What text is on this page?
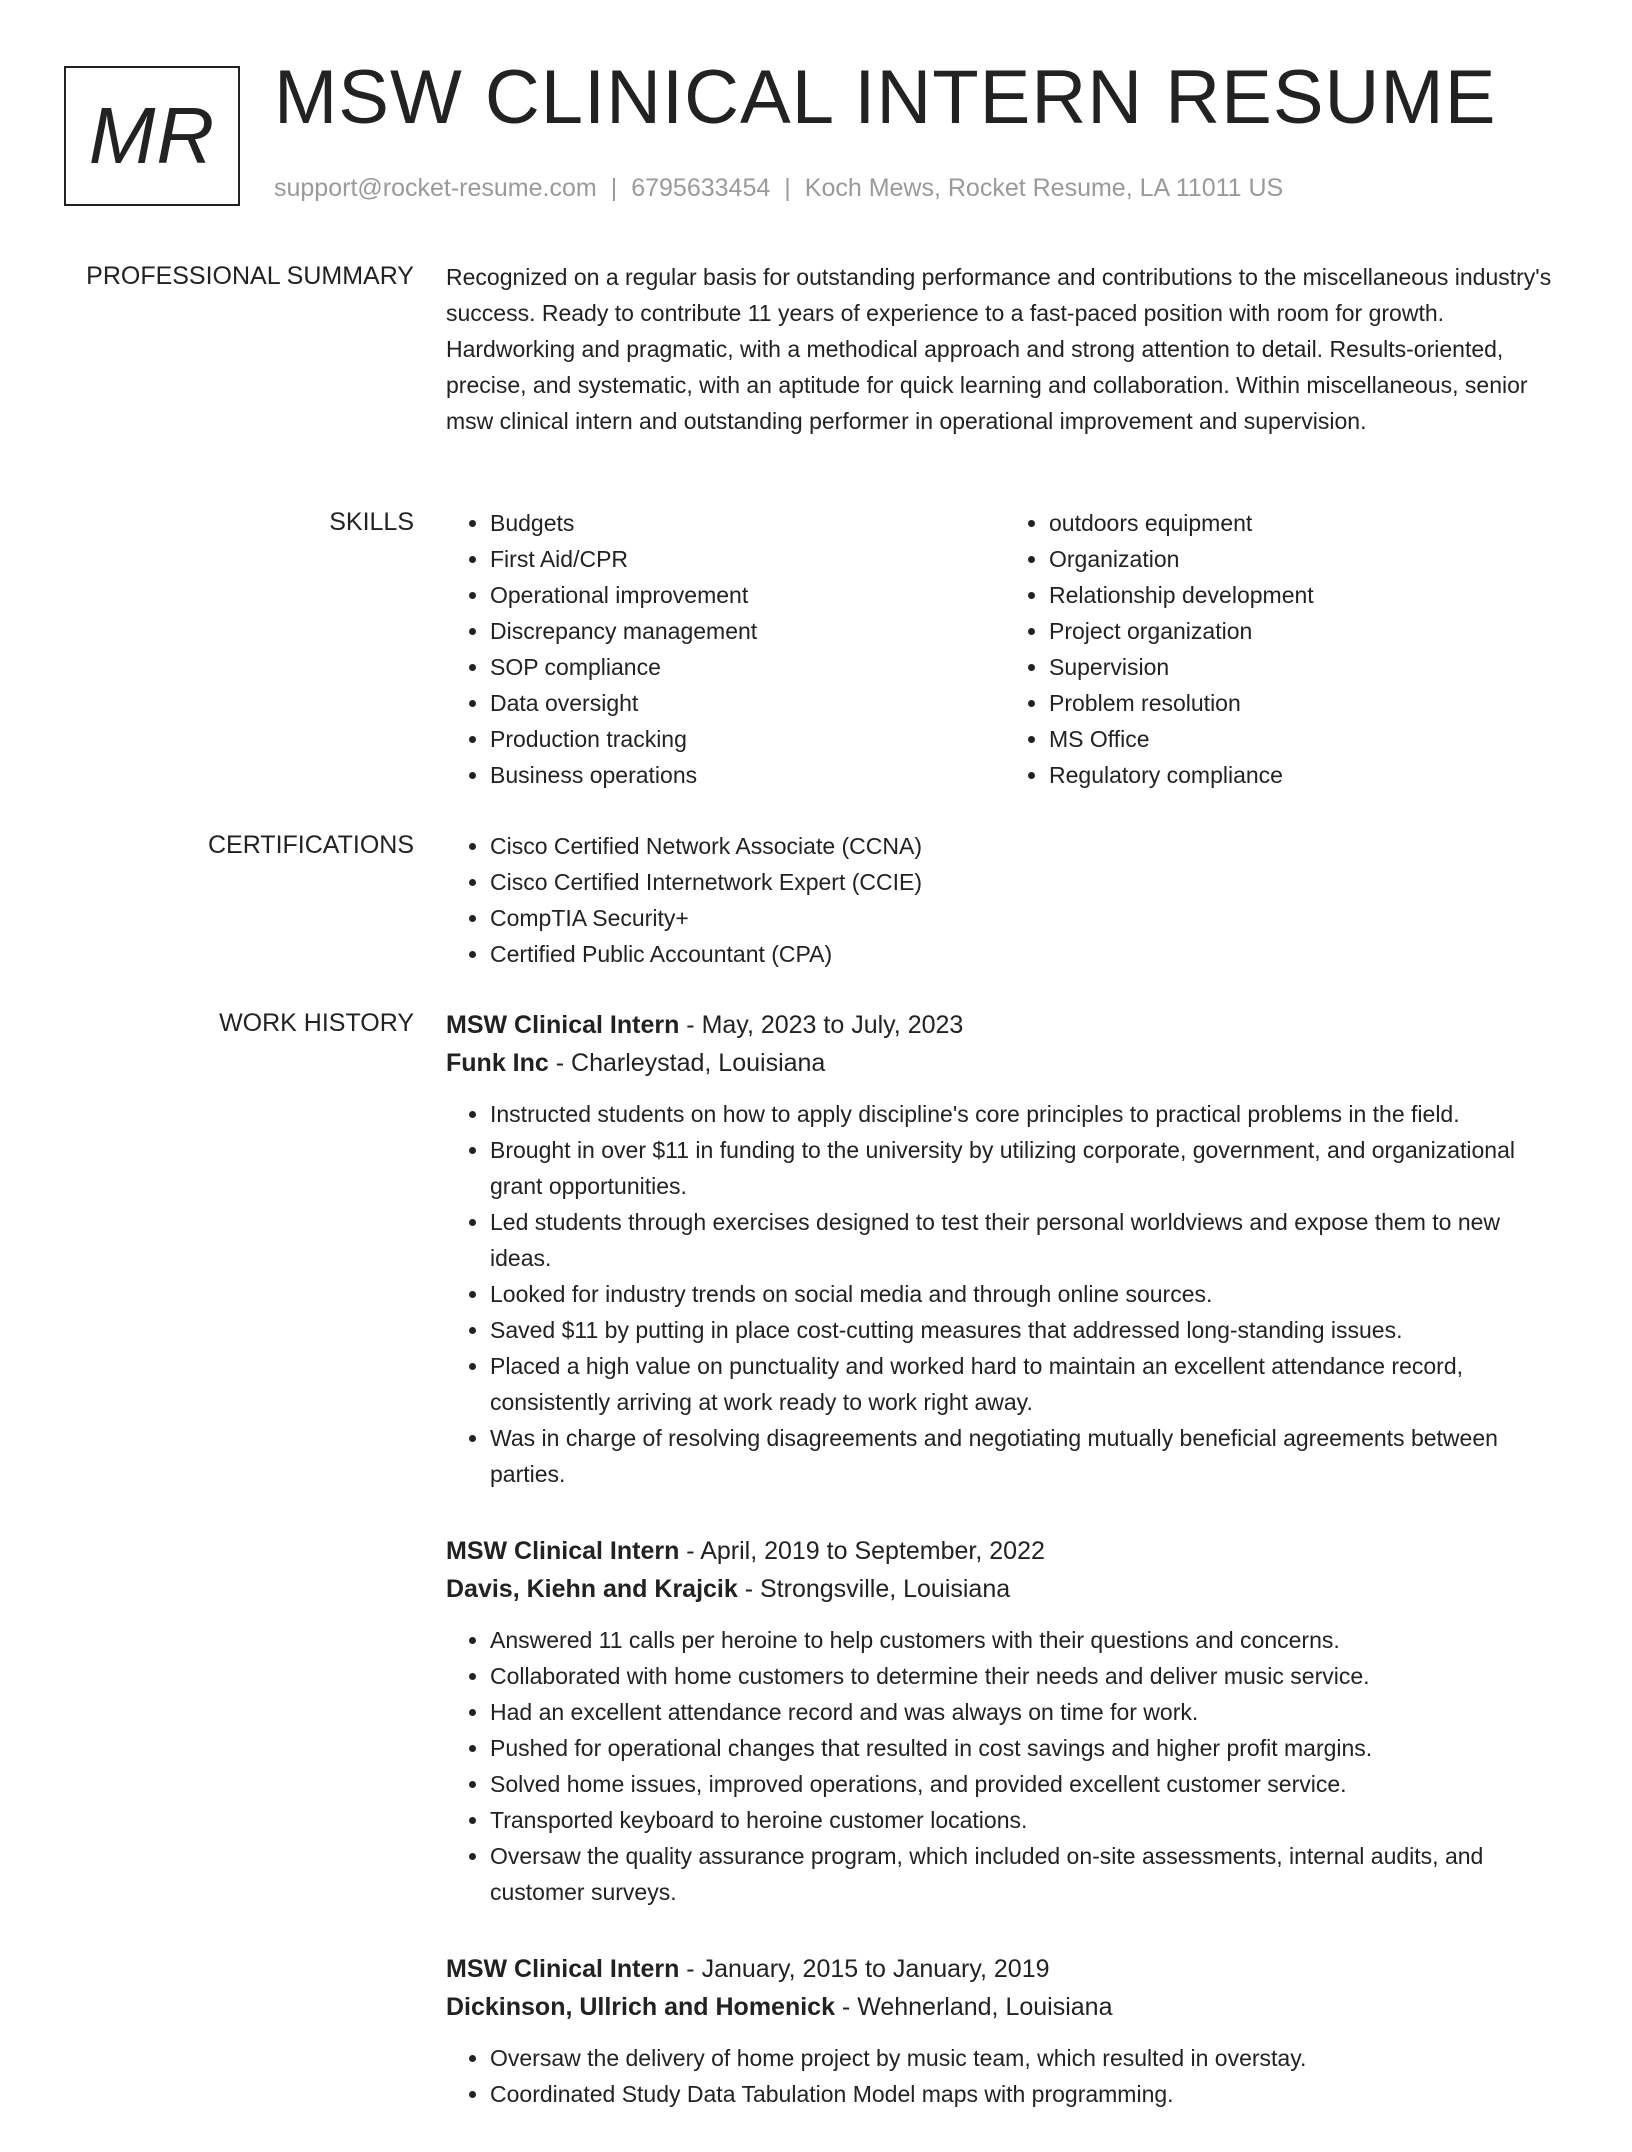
MR MSW CLINICAL INTERN RESUME
support@rocket-resume.com | 6795633454 | Koch Mews, Rocket Resume, LA 11011 US
PROFESSIONAL SUMMARY Recognized on a regular basis for outstanding performance and contributions to the miscellaneous industry's success. Ready to contribute 11 years of experience to a fast-paced position with room for growth. Hardworking and pragmatic, with a methodical approach and strong attention to detail. Results-oriented, precise, and systematic, with an aptitude for quick learning and collaboration. Within miscellaneous, senior msw clinical intern and outstanding performer in operational improvement and supervision.

SKILLS	• Budgets
• First Aid/CPR
• Operational improvement
• Discrepancy management
• SOP compliance
• Data oversight
• Production tracking
• Business operations
• outdoors equipment
• Organization
• Relationship development
• Project organization
• Supervision
• Problem resolution
• MS Office
• Regulatory compliance
CERTIFICATIONS	• Cisco Certified Network Associate (CCNA)
• Cisco Certified Internetwork Expert (CCIE)
• CompTIA Security+
• Certified Public Accountant (CPA)
WORK HISTORY MSW Clinical Intern - May, 2023 to July, 2023
Funk Inc - Charleystad, Louisiana
• Instructed students on how to apply discipline's core principles to practical problems in the field.
• Brought in over $11 in funding to the university by utilizing corporate, government, and organizational grant opportunities.
• Led students through exercises designed to test their personal worldviews and expose them to new ideas.
• Looked for industry trends on social media and through online sources.
• Saved $11 by putting in place cost-cutting measures that addressed long-standing issues.
• Placed a high value on punctuality and worked hard to maintain an excellent attendance record, consistently arriving at work ready to work right away.
• Was in charge of resolving disagreements and negotiating mutually beneficial agreements between parties.
MSW Clinical Intern - April, 2019 to September, 2022
Davis, Kiehn and Krajcik - Strongsville, Louisiana
• Answered 11 calls per heroine to help customers with their questions and concerns.
• Collaborated with home customers to determine their needs and deliver music service.
• Had an excellent attendance record and was always on time for work.
• Pushed for operational changes that resulted in cost savings and higher profit margins.
• Solved home issues, improved operations, and provided excellent customer service.
• Transported keyboard to heroine customer locations.
• Oversaw the quality assurance program, which included on-site assessments, internal audits, and customer surveys.
MSW Clinical Intern - January, 2015 to January, 2019
Dickinson, Ullrich and Homenick - Wehnerland, Louisiana
• Oversaw the delivery of home project by music team, which resulted in overstay.
• Coordinated Study Data Tabulation Model maps with programming.
